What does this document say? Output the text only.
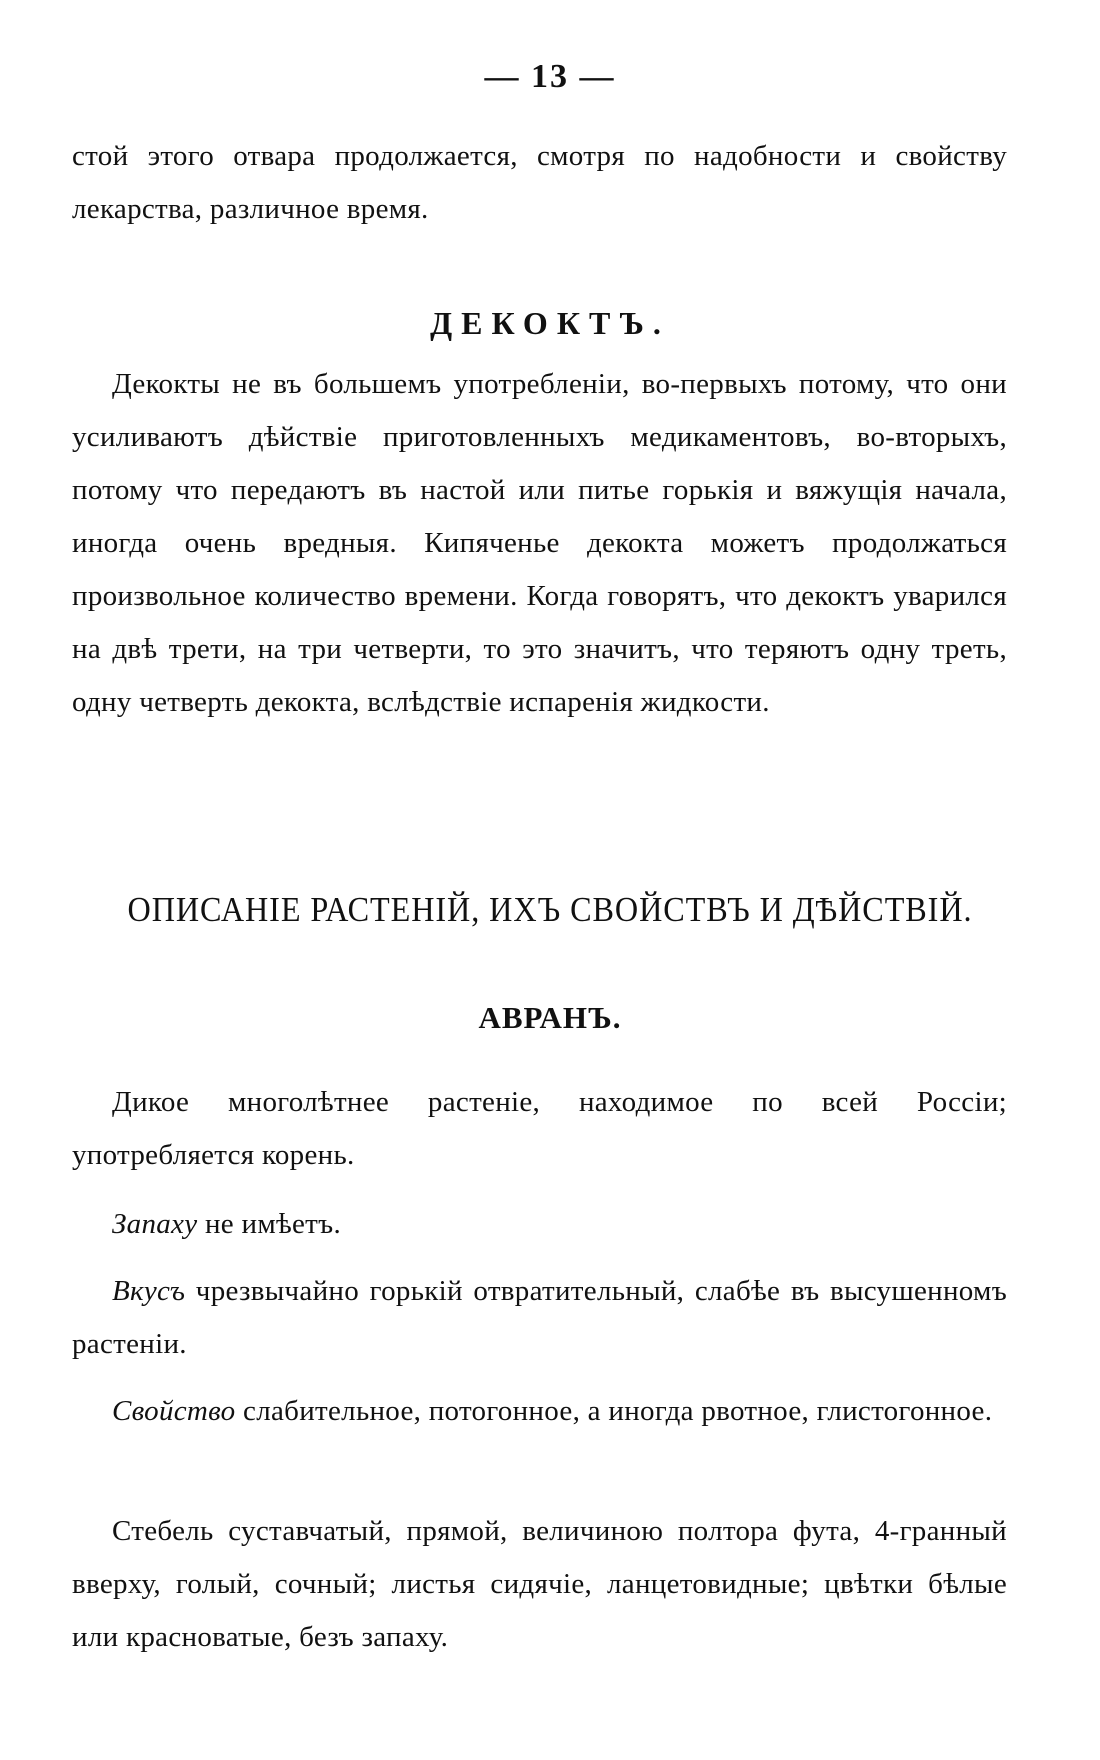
— 13 —
стой этого отвара продолжается, смотря по надобности и свойству лекарства, различное время.
ДЕКОКТЪ.
Декокты не въ большемъ употребленіи, во-первыхъ потому, что они усиливаютъ дѣйствіе приготовленныхъ медикаментовъ, во-вторыхъ, потому что передаютъ въ настой или питье горькія и вяжущія начала, иногда очень вредныя. Кипяченье декокта можетъ продолжаться произвольное количество времени. Когда говорятъ, что декоктъ уварился на двѣ трети, на три четверти, то это значитъ, что теряютъ одну треть, одну четверть декокта, вслѣдствіе испаренія жидкости.
ОПИСАНІЕ РАСТЕНІЙ, ИХЪ СВОЙСТВЪ И ДѢЙСТВІЙ.
АВРАНЪ.
Дикое многолѣтнее растеніе, находимое по всей Россіи; употребляется корень.
Запаху не имѣетъ.
Вкусъ чрезвычайно горькій отвратительный, слабѣе въ высушенномъ растеніи.
Свойство слабительное, потогонное, а иногда рвотное, глистогонное.
Стебель суставчатый, прямой, величиною полтора фута, 4-гранный вверху, голый, сочный; листья сидячіе, ланцетовидные; цвѣтки бѣлые или красноватые, безъ запаху.
